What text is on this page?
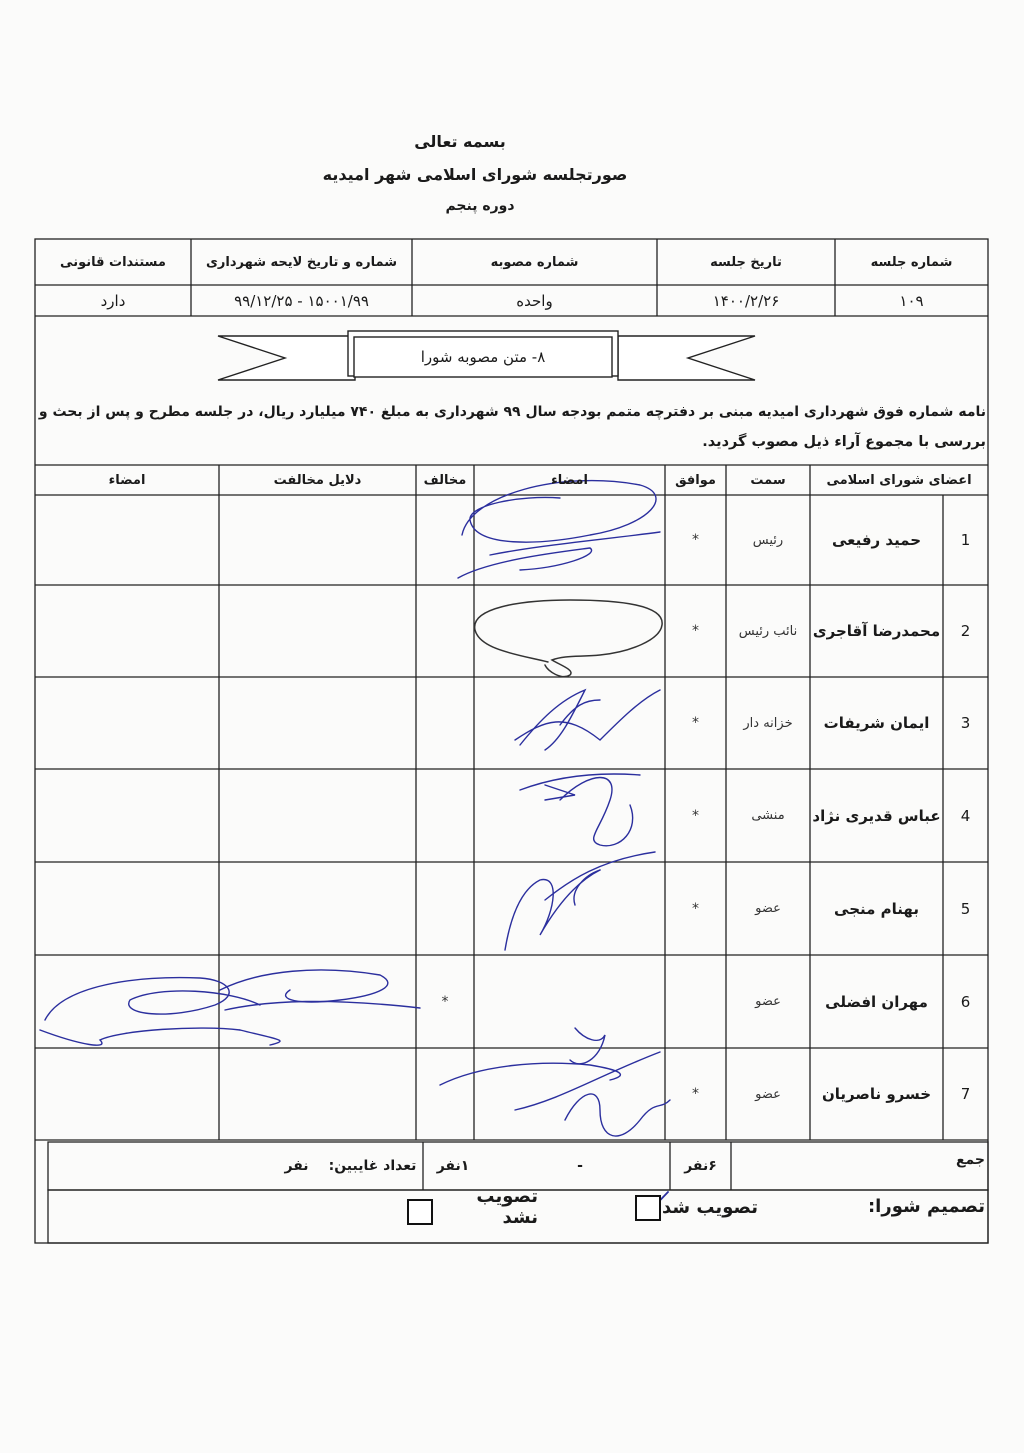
بسمه تعالی
صورتجلسه شورای اسلامی شهر امیدیه
دوره پنجم
شماره جلسه
تاریخ جلسه
شماره مصوبه
شماره و تاریخ لایحه شهرداری
مستندات قانونی
۱۰۹
۱۴۰۰/۲/۲۶
واحده
۱۵۰۰۱/۹۹ - ۹۹/۱۲/۲۵
دارد
۸- متن مصوبه شورا
نامه شماره فوق شهرداری امیدیه مبنی بر دفترچه متمم بودجه سال ۹۹ شهرداری به مبلغ ۷۴۰ میلیارد ریال، در جلسه مطرح و پس از بحث و
بررسی با مجموع آراء ذیل مصوب گردید.
اعضای شورای اسلامی
سمت
موافق
امضاء
مخالف
دلایل مخالفت
امضاء
1
حمید رفیعی
رئیس
*
2
محمدرضا آقاجری
نائب رئیس
*
3
ایمان شریفات
خزانه دار
*
4
عباس قدیری نژاد
منشی
*
5
بهنام منجی
عضو
*
6
مهران افضلی
عضو
*
7
خسرو ناصریان
عضو
*
جمع
۶نفر
-
۱نفر
تعداد غایبین:
نفر
تصمیم شورا:
تصویب شد
تصویب نشد
